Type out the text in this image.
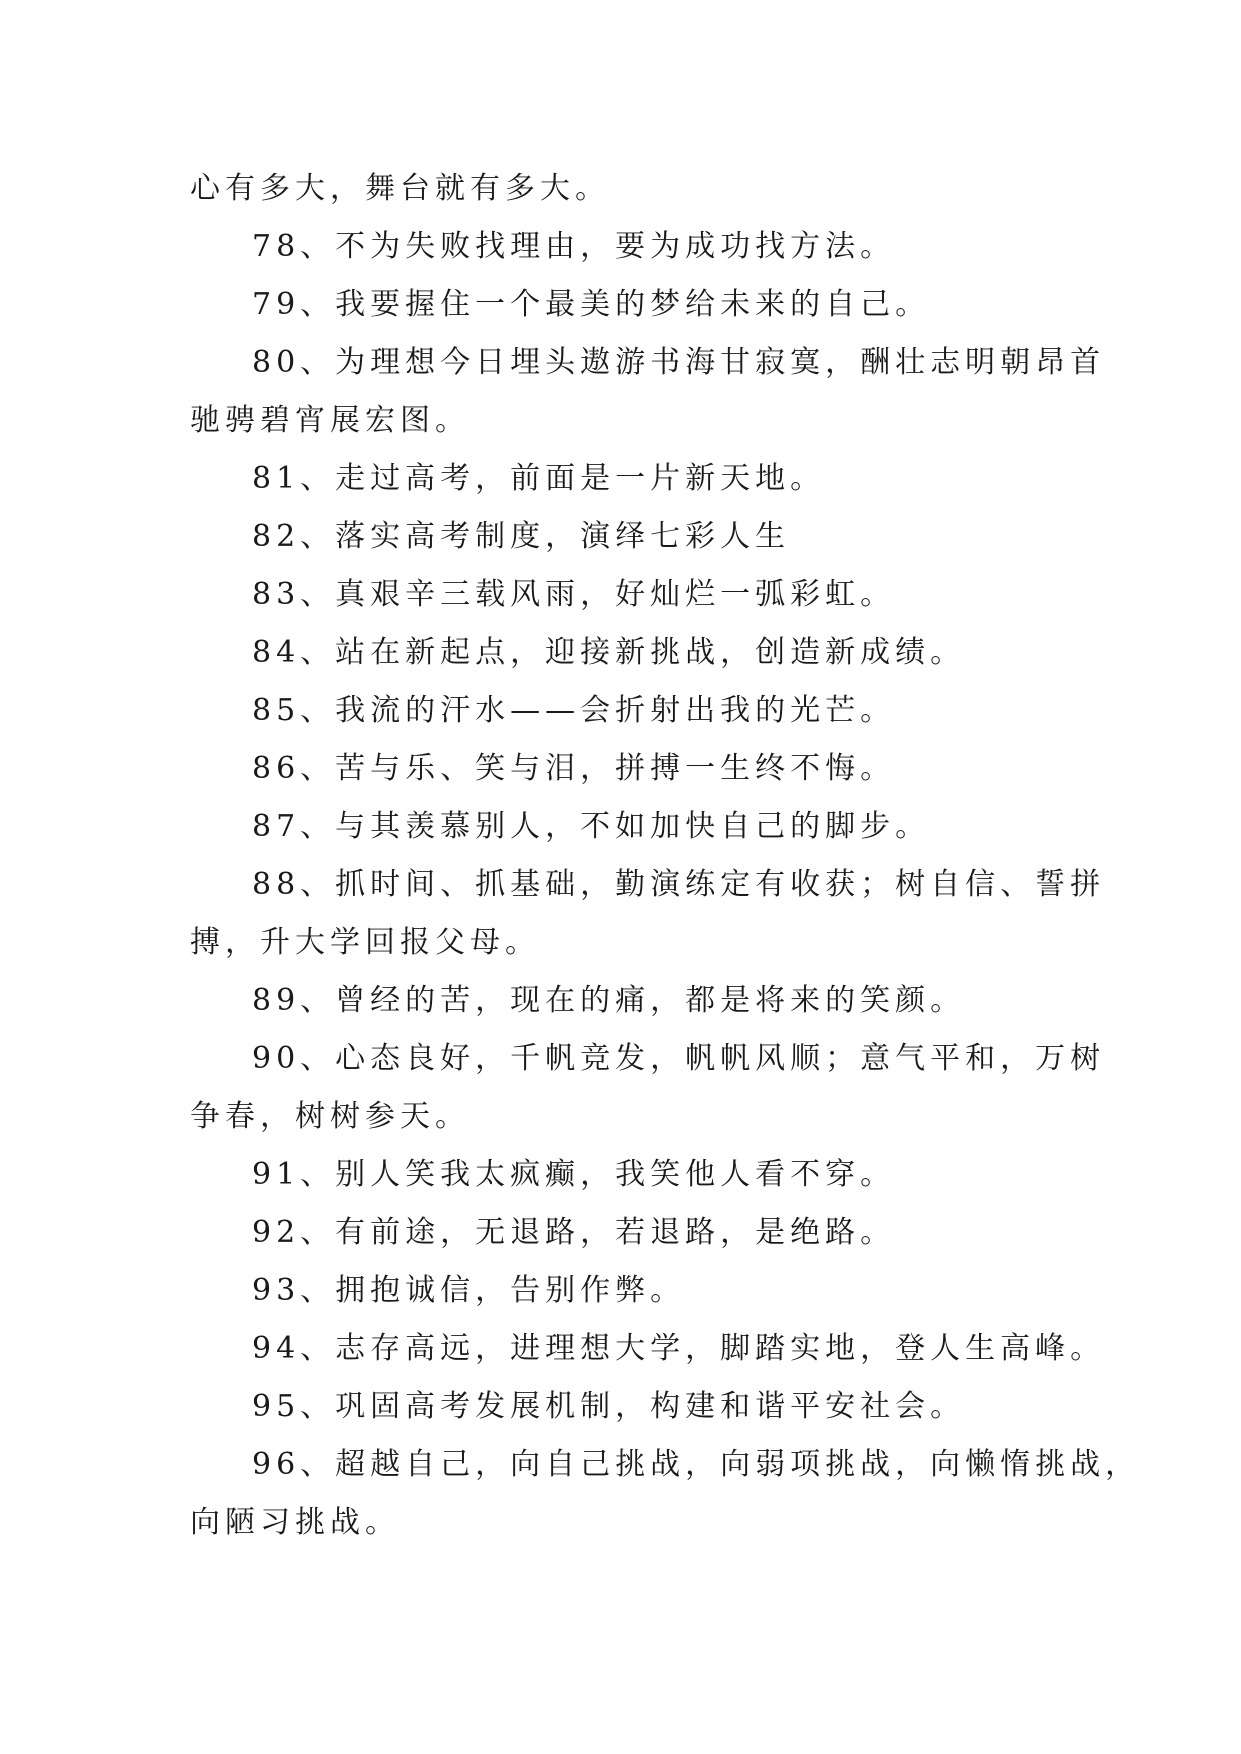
心有多大，舞台就有多大。
78、不为失败找理由，要为成功找方法。
79、我要握住一个最美的梦给未来的自己。
80、为理想今日埋头遨游书海甘寂寞，酬壮志明朝昂首
驰骋碧宵展宏图。
81、走过高考，前面是一片新天地。
82、落实高考制度，演绎七彩人生
83、真艰辛三载风雨，好灿烂一弧彩虹。
84、站在新起点，迎接新挑战，创造新成绩。
85、我流的汗水——会折射出我的光芒。
86、苦与乐、笑与泪，拼搏一生终不悔。
87、与其羡慕别人，不如加快自己的脚步。
88、抓时间、抓基础，勤演练定有收获；树自信、誓拼
搏，升大学回报父母。
89、曾经的苦，现在的痛，都是将来的笑颜。
90、心态良好，千帆竞发，帆帆风顺；意气平和，万树
争春，树树参天。
91、别人笑我太疯癫，我笑他人看不穿。
92、有前途，无退路，若退路，是绝路。
93、拥抱诚信，告别作弊。
94、志存高远，进理想大学，脚踏实地，登人生高峰。
95、巩固高考发展机制，构建和谐平安社会。
96、超越自己，向自己挑战，向弱项挑战，向懒惰挑战，
向陋习挑战。
